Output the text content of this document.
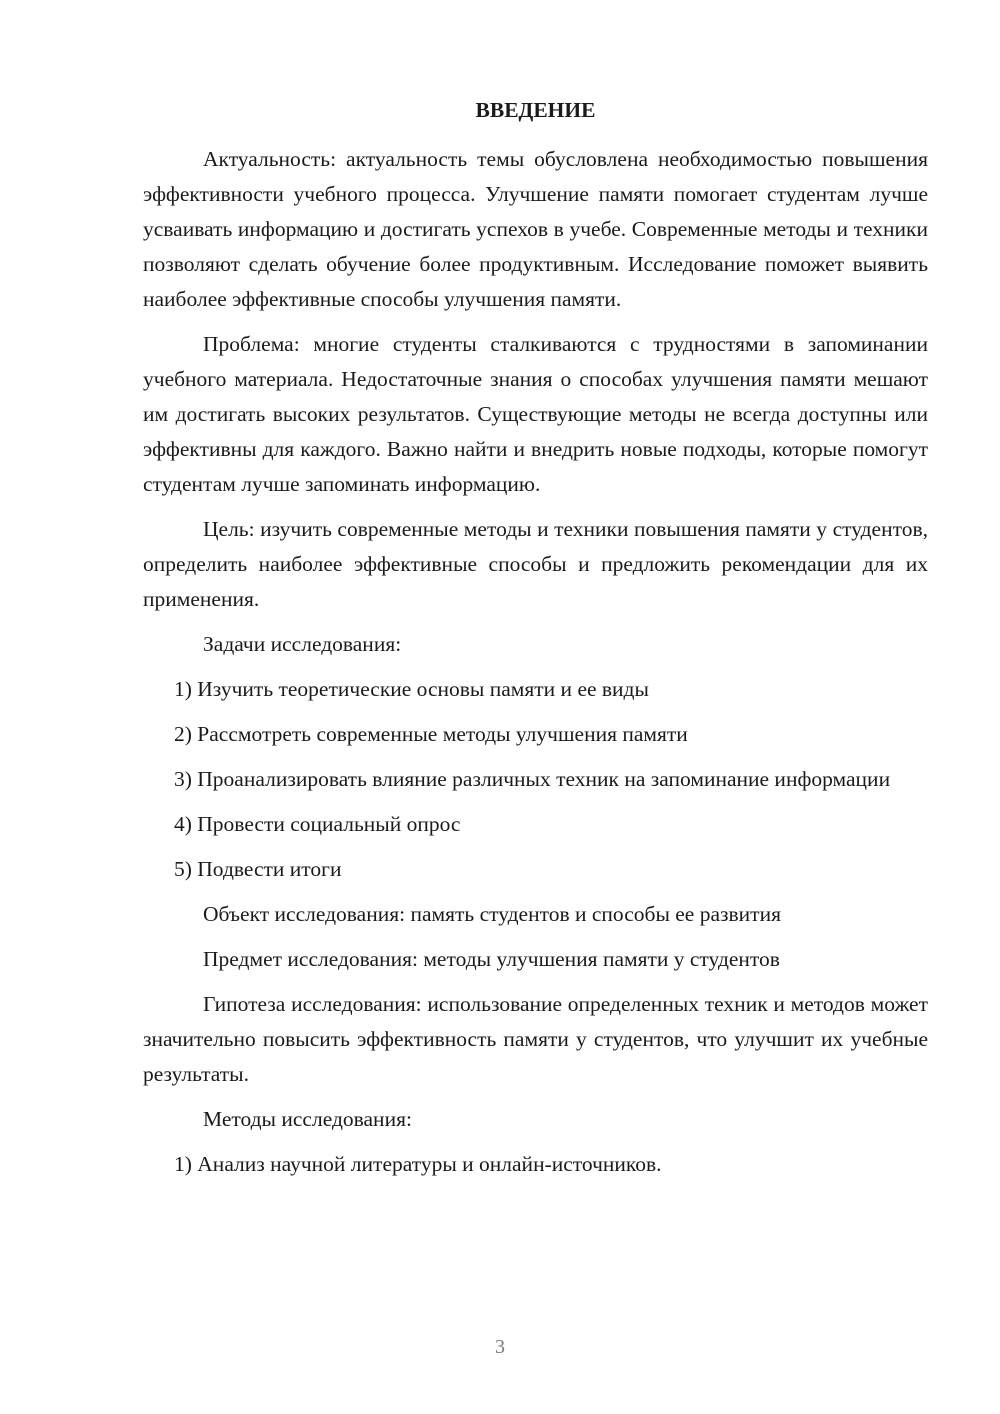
ВВЕДЕНИЕ

Актуальность: актуальность темы обусловлена необходимостью повышения эффективности учебного процесса. Улучшение памяти помогает студентам лучше усваивать информацию и достигать успехов в учебе. Современные методы и техники позволяют сделать обучение более продуктивным. Исследование поможет выявить наиболее эффективные способы улучшения памяти.

Проблема: многие студенты сталкиваются с трудностями в запоминании учебного материала. Недостаточные знания о способах улучшения памяти мешают им достигать высоких результатов. Существующие методы не всегда доступны или эффективны для каждого. Важно найти и внедрить новые подходы, которые помогут студентам лучше запоминать информацию.

Цель: изучить современные методы и техники повышения памяти у студентов, определить наиболее эффективные способы и предложить рекомендации для их применения.

Задачи исследования:

1) Изучить теоретические основы памяти и ее виды

2) Рассмотреть современные методы улучшения памяти

3) Проанализировать влияние различных техник на запоминание информации

4) Провести социальный опрос

5) Подвести итоги

Объект исследования: память студентов и способы ее развития

Предмет исследования: методы улучшения памяти у студентов

Гипотеза исследования: использование определенных техник и методов может значительно повысить эффективность памяти у студентов, что улучшит их учебные результаты.

Методы исследования:

1) Анализ научной литературы и онлайн-источников.

3
